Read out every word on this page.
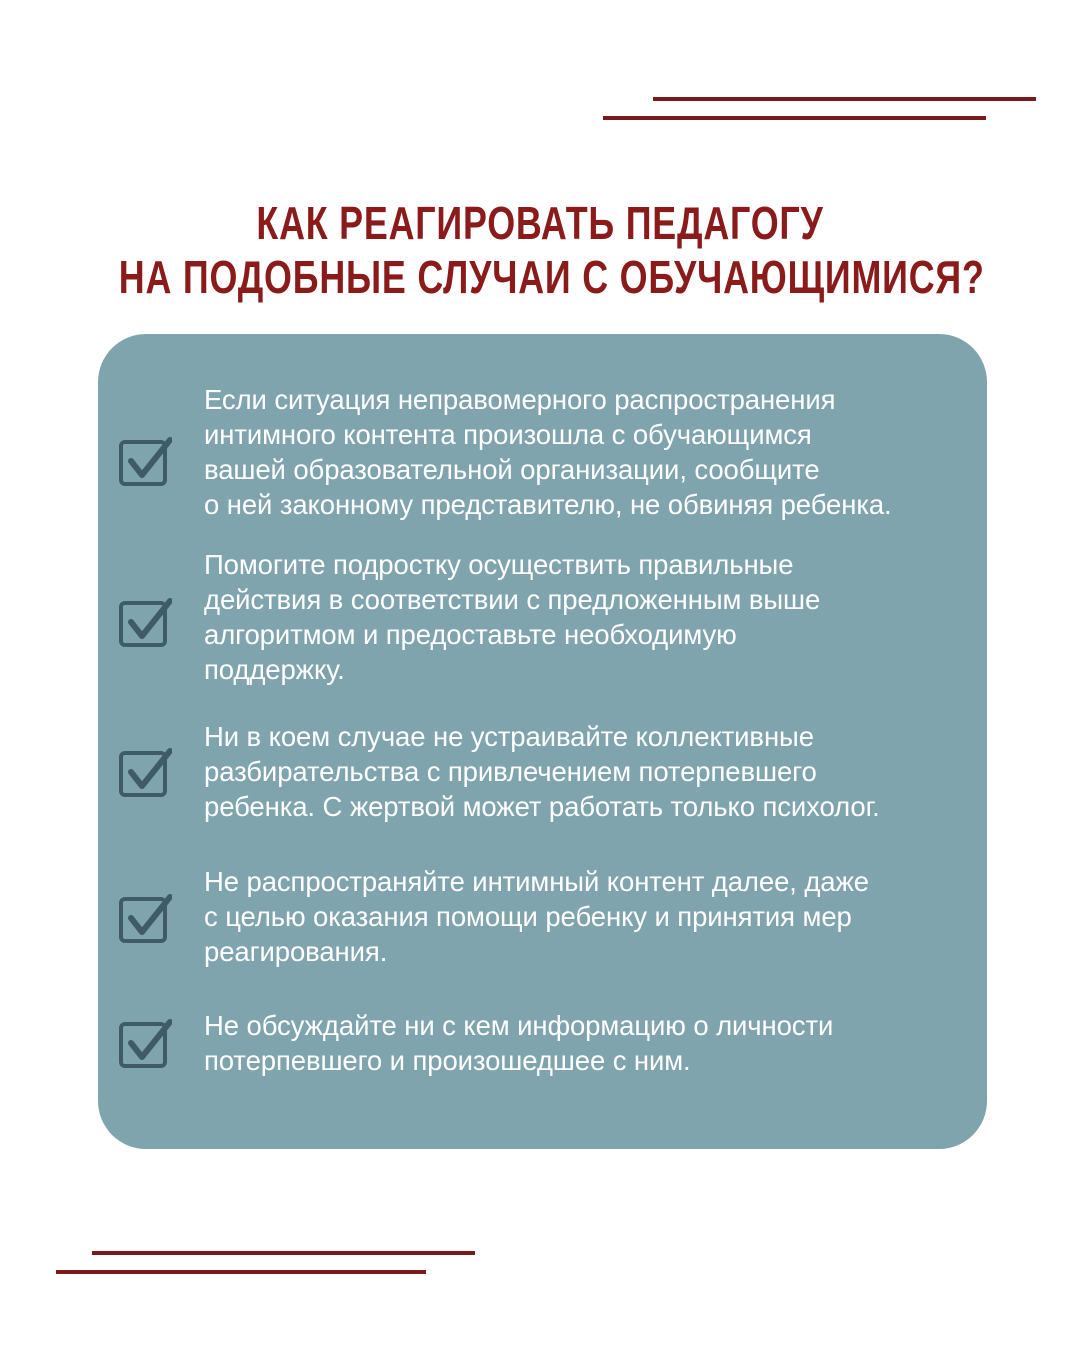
КАК РЕАГИРОВАТЬ ПЕДАГОГУ
НА ПОДОБНЫЕ СЛУЧАИ С ОБУЧАЮЩИМИСЯ?
Если ситуация неправомерного распространения
интимного контента произошла с обучающимся
вашей образовательной организации, сообщите
о ней законному представителю, не обвиняя ребенка.
Помогите подростку осуществить правильные
действия в соответствии с предложенным выше
алгоритмом и предоставьте необходимую
поддержку.
Ни в коем случае не устраивайте коллективные
разбирательства с привлечением потерпевшего
ребенка. С жертвой может работать только психолог.
Не распространяйте интимный контент далее, даже
с целью оказания помощи ребенку и принятия мер
реагирования.
Не обсуждайте ни с кем информацию о личности
потерпевшего и произошедшее с ним.
